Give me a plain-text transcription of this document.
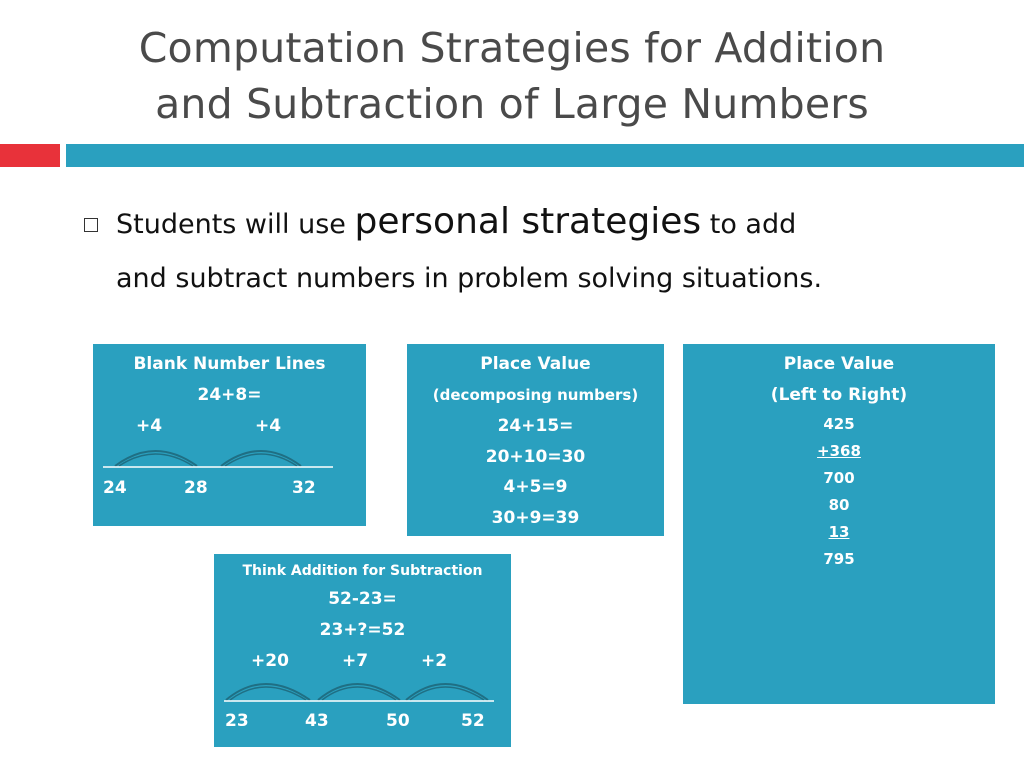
Computation Strategies for Addition
and Subtraction of Large Numbers
Students will use personal strategies to add
and subtract numbers in problem solving situations.
Blank Number Lines
24+8=
+4	+4
24	28	32
Place Value
(decomposing numbers)
24+15=
20+10=30
4+5=9
30+9=39
Place Value
(Left to Right)
425
+368
700
80
13
795
Think Addition for Subtraction
52-23=
23+?=52
+20	+7	+2
23	43	50	52
